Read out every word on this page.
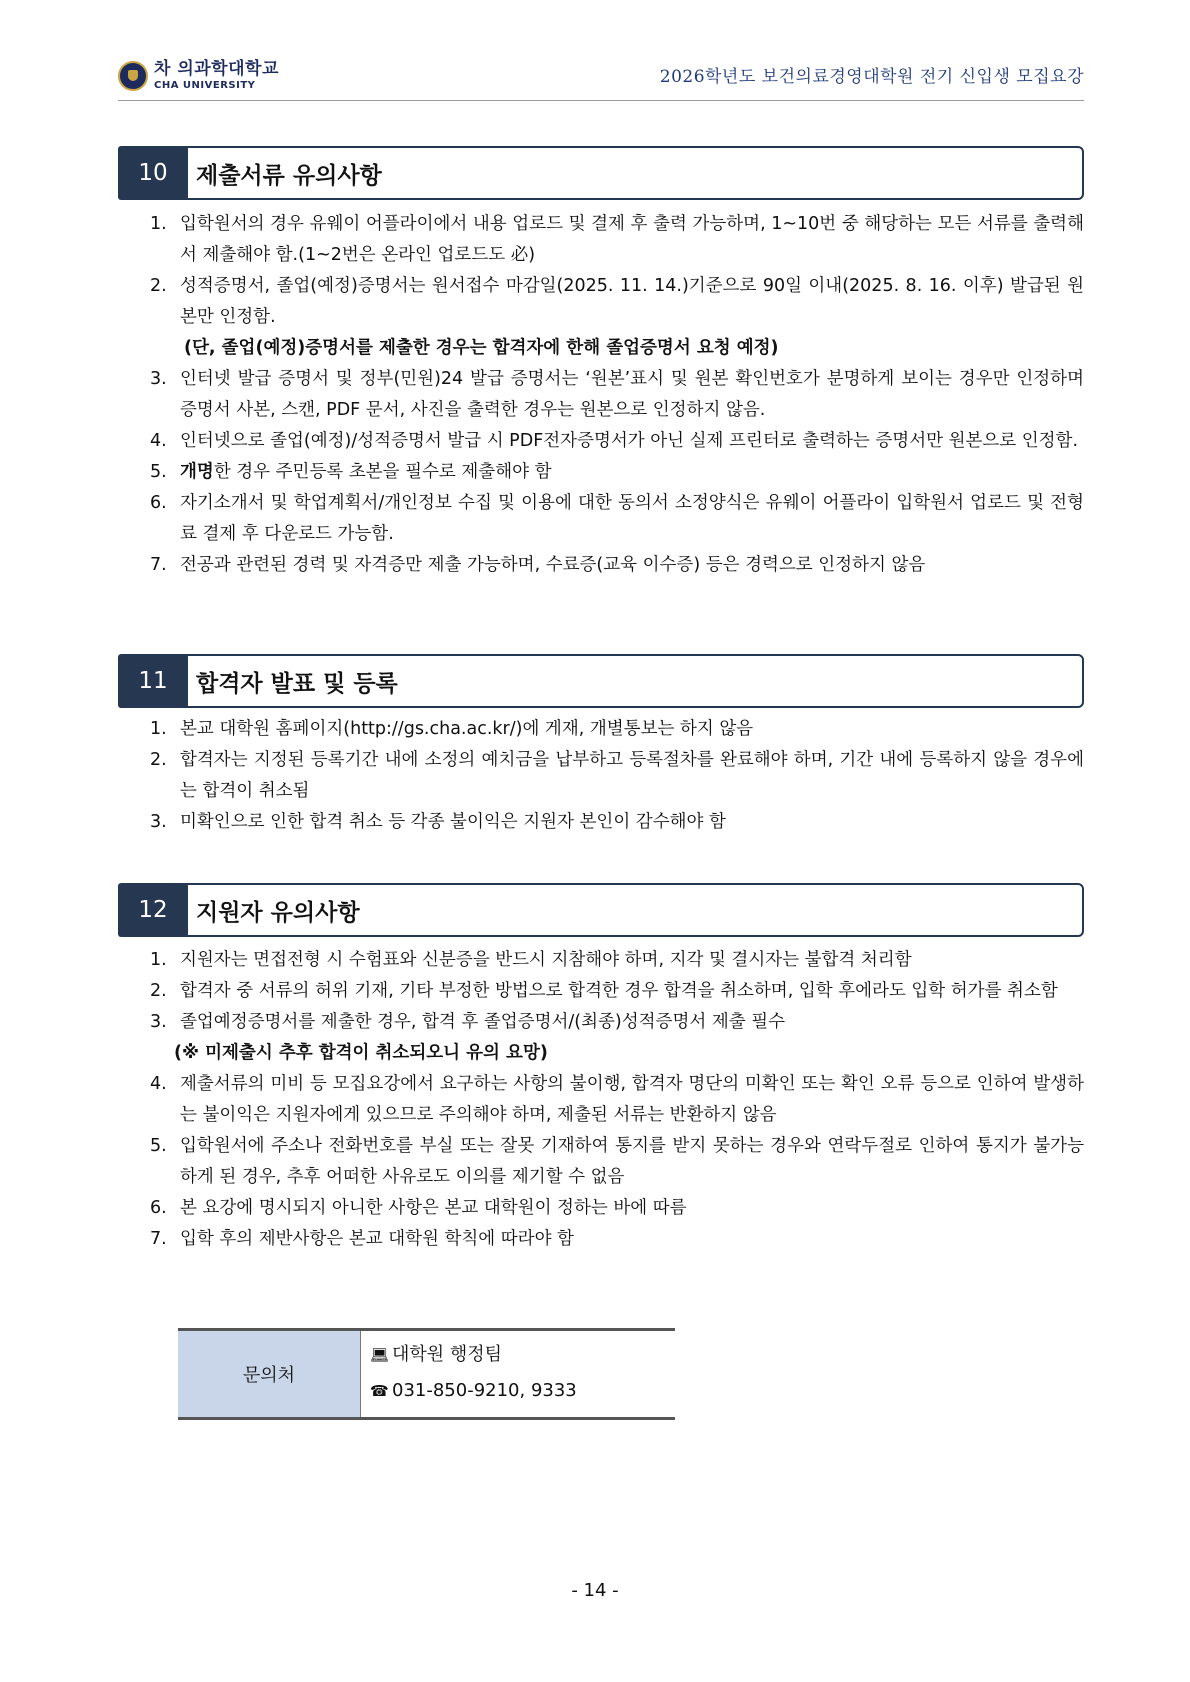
차 의과학대학교
CHA UNIVERSITY	2026학년도 보건의료경영대학원 전기 신입생 모집요강
10	제출서류 유의사항
1. 입학원서의 경우 유웨이 어플라이에서 내용 업로드 및 결제 후 출력 가능하며, 1~10번 중 해당하는 모든 서류를 출력해서 제출해야 함.(1~2번은 온라인 업로드도 必)
2. 성적증명서, 졸업(예정)증명서는 원서접수 마감일(2025. 11. 14.)기준으로 90일 이내(2025. 8. 16. 이후) 발급된 원본만 인정함.
(단, 졸업(예정)증명서를 제출한 경우는 합격자에 한해 졸업증명서 요청 예정)
3. 인터넷 발급 증명서 및 정부(민원)24 발급 증명서는 ‘원본’표시 및 원본 확인번호가 분명하게 보이는 경우만 인정하며 증명서 사본, 스캔, PDF 문서, 사진을 출력한 경우는 원본으로 인정하지 않음.
4. 인터넷으로 졸업(예정)/성적증명서 발급 시 PDF전자증명서가 아닌 실제 프린터로 출력하는 증명서만 원본으로 인정함.
5. 개명한 경우 주민등록 초본을 필수로 제출해야 함
6. 자기소개서 및 학업계획서/개인정보 수집 및 이용에 대한 동의서 소정양식은 유웨이 어플라이 입학원서 업로드 및 전형료 결제 후 다운로드 가능함.
7. 전공과 관련된 경력 및 자격증만 제출 가능하며, 수료증(교육 이수증) 등은 경력으로 인정하지 않음
11	합격자 발표 및 등록
1. 본교 대학원 홈페이지(http://gs.cha.ac.kr/)에 게재, 개별통보는 하지 않음
2. 합격자는 지정된 등록기간 내에 소정의 예치금을 납부하고 등록절차를 완료해야 하며, 기간 내에 등록하지 않을 경우에는 합격이 취소됨
3. 미확인으로 인한 합격 취소 등 각종 불이익은 지원자 본인이 감수해야 함
12	지원자 유의사항
1. 지원자는 면접전형 시 수험표와 신분증을 반드시 지참해야 하며, 지각 및 결시자는 불합격 처리함
2. 합격자 중 서류의 허위 기재, 기타 부정한 방법으로 합격한 경우 합격을 취소하며, 입학 후에라도 입학 허가를 취소함
3. 졸업예정증명서를 제출한 경우, 합격 후 졸업증명서/(최종)성적증명서 제출 필수
(※ 미제출시 추후 합격이 취소되오니 유의 요망)
4. 제출서류의 미비 등 모집요강에서 요구하는 사항의 불이행, 합격자 명단의 미확인 또는 확인 오류 등으로 인하여 발생하는 불이익은 지원자에게 있으므로 주의해야 하며, 제출된 서류는 반환하지 않음
5. 입학원서에 주소나 전화번호를 부실 또는 잘못 기재하여 통지를 받지 못하는 경우와 연락두절로 인하여 통지가 불가능하게 된 경우, 추후 어떠한 사유로도 이의를 제기할 수 없음
6. 본 요강에 명시되지 아니한 사항은 본교 대학원이 정하는 바에 따름
7. 입학 후의 제반사항은 본교 대학원 학칙에 따라야 함
문의처
💻︎ 대학원 행정팀
☎ 031-850-9210, 9333
- 14 -
